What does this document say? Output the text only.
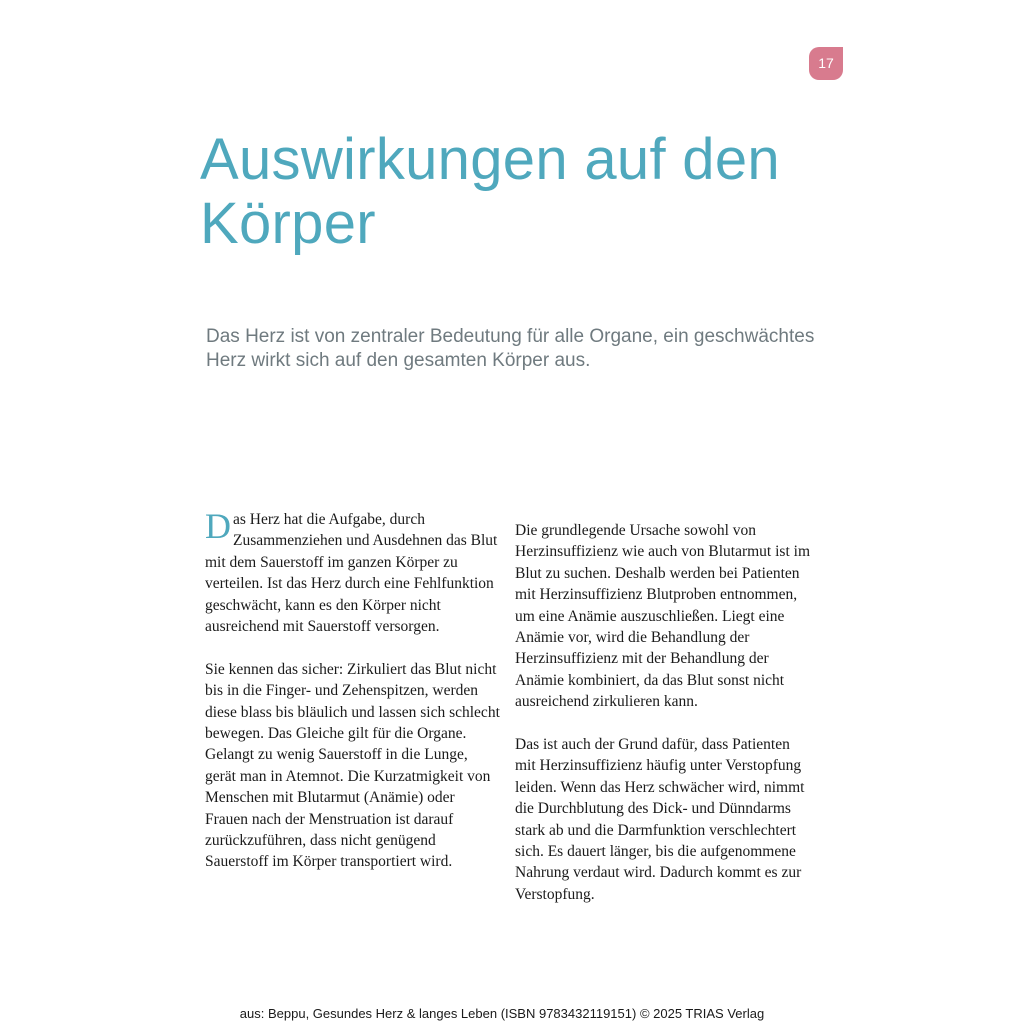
17
Auswirkungen auf den Körper

Das Herz ist von zentraler Bedeutung für alle Organe, ein geschwächtes Herz wirkt sich auf den gesamten Körper aus.

Das Herz hat die Aufgabe, durch Zusammenziehen und Ausdehnen das Blut mit dem Sauerstoff im ganzen Körper zu verteilen. Ist das Herz durch eine Fehlfunktion geschwächt, kann es den Körper nicht ausreichend mit Sauerstoff versorgen.

Sie kennen das sicher: Zirkuliert das Blut nicht bis in die Finger- und Zehenspitzen, werden diese blass bis bläulich und lassen sich schlecht bewegen. Das Gleiche gilt für die Organe. Gelangt zu wenig Sauerstoff in die Lunge, gerät man in Atemnot. Die Kurzatmigkeit von Menschen mit Blutarmut (Anämie) oder Frauen nach der Menstruation ist darauf zurückzuführen, dass nicht genügend Sauerstoff im Körper transportiert wird.

Die grundlegende Ursache sowohl von Herzinsuffizienz wie auch von Blutarmut ist im Blut zu suchen. Deshalb werden bei Patienten mit Herzinsuffizienz Blutproben entnommen, um eine Anämie auszuschließen. Liegt eine Anämie vor, wird die Behandlung der Herzinsuffizienz mit der Behandlung der Anämie kombiniert, da das Blut sonst nicht ausreichend zirkulieren kann.

Das ist auch der Grund dafür, dass Patienten mit Herzinsuffizienz häufig unter Verstopfung leiden. Wenn das Herz schwächer wird, nimmt die Durchblutung des Dick- und Dünndarms stark ab und die Darmfunktion verschlechtert sich. Es dauert länger, bis die aufgenommene Nahrung verdaut wird. Dadurch kommt es zur Verstopfung.

aus: Beppu, Gesundes Herz & langes Leben (ISBN 9783432119151) © 2025 TRIAS Verlag
